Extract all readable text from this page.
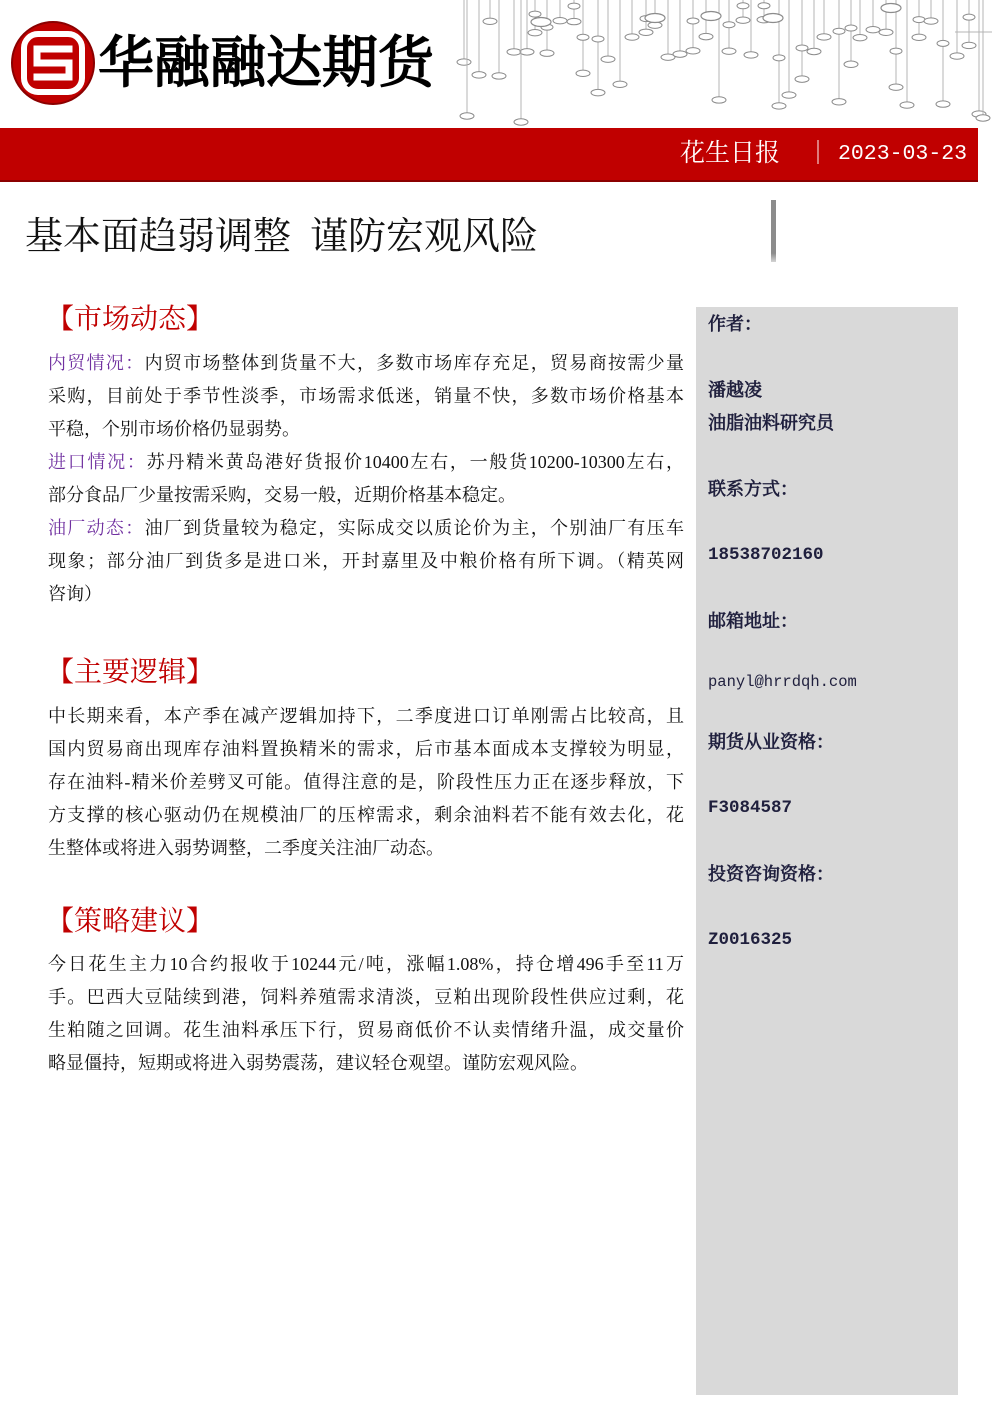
华融融达期货
花生日报 ｜ 2023-03-23
基本面趋弱调整  谨防宏观风险
作者：
潘越凌
油脂油料研究员
联系方式：
18538702160
邮箱地址：
panyl@hrrdqh.com
期货从业资格：
F3084587
投资咨询资格：
Z0016325
【市场动态】
内贸情况：内贸市场整体到货量不大，多数市场库存充足，贸易商按需少量
采购，目前处于季节性淡季，市场需求低迷，销量不快，多数市场价格基本
平稳，个别市场价格仍显弱势。
进口情况：苏丹精米黄岛港好货报价10400左右，一般货10200-10300左右，
部分食品厂少量按需采购，交易一般，近期价格基本稳定。
油厂动态：油厂到货量较为稳定，实际成交以质论价为主，个别油厂有压车
现象；部分油厂到货多是进口米，开封嘉里及中粮价格有所下调。（精英网
咨询）
【主要逻辑】
中长期来看，本产季在减产逻辑加持下，二季度进口订单刚需占比较高，且
国内贸易商出现库存油料置换精米的需求，后市基本面成本支撑较为明显，
存在油料-精米价差劈叉可能。值得注意的是，阶段性压力正在逐步释放，下
方支撑的核心驱动仍在规模油厂的压榨需求，剩余油料若不能有效去化，花
生整体或将进入弱势调整，二季度关注油厂动态。
【策略建议】
今日花生主力10合约报收于10244元/吨，涨幅1.08%，持仓增496手至11万
手。巴西大豆陆续到港，饲料养殖需求清淡，豆粕出现阶段性供应过剩，花
生粕随之回调。花生油料承压下行，贸易商低价不认卖情绪升温，成交量价
略显僵持，短期或将进入弱势震荡，建议轻仓观望。谨防宏观风险。
